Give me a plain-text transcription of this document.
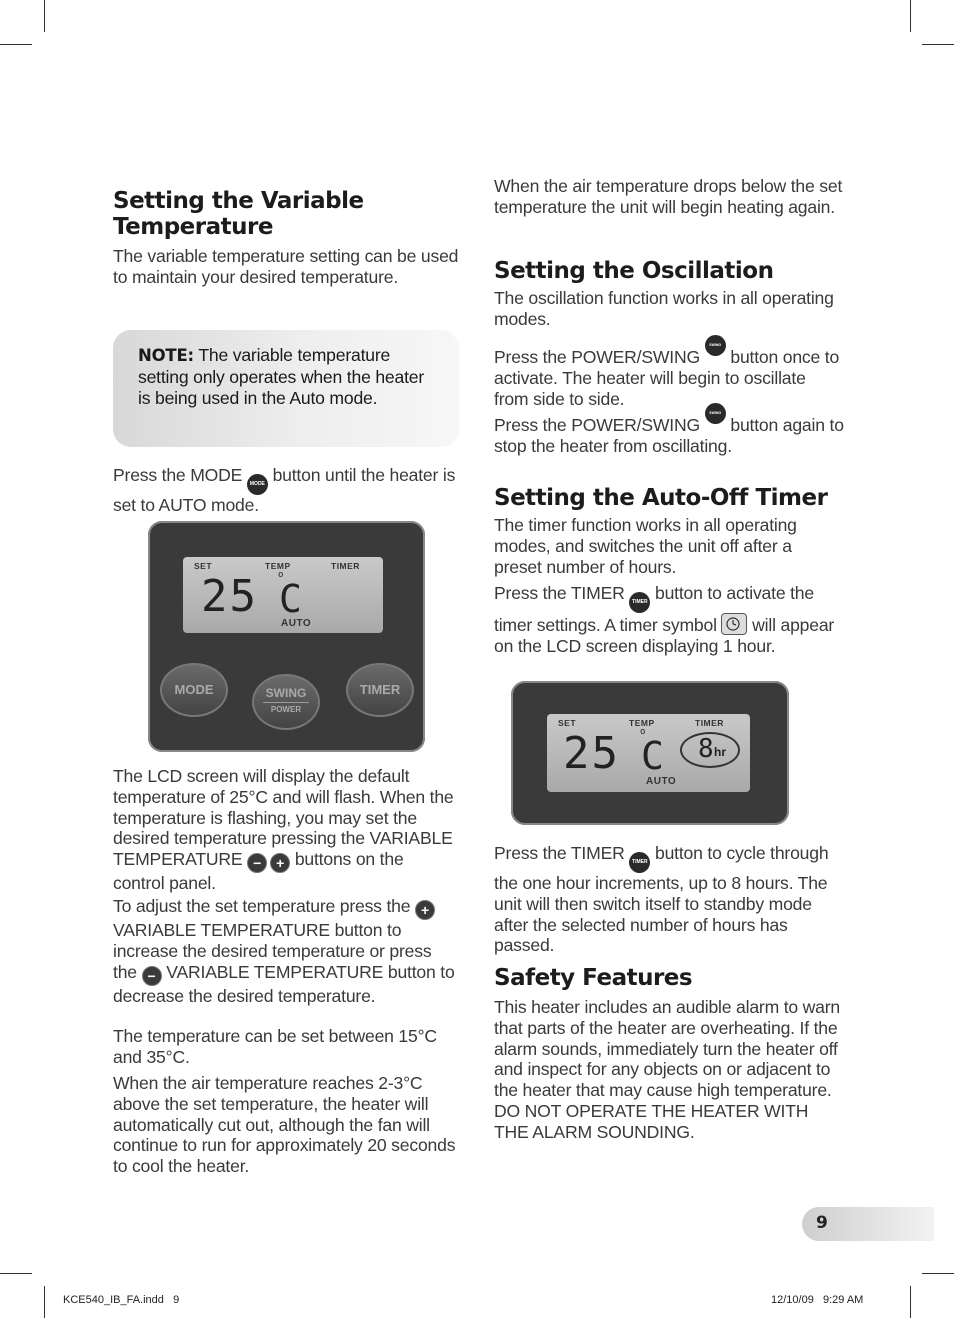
Setting the Variable Temperature

The variable temperature setting can be used to maintain your desired temperature.

NOTE: The variable temperature setting only operates when the heater is being used in the Auto mode.

Press the MODE MODE button until the heater is set to AUTO mode.

SET	TEMP	TIMER
25 o
C
AUTO
MODE	SWING
POWER
TIMER

The LCD screen will display the default temperature of 25°C and will flash. When the temperature is flashing, you may set the desired temperature pressing the VARIABLE TEMPERATURE − + buttons on the control panel.

To adjust the set temperature press the + VARIABLE TEMPERATURE button to increase the desired temperature or press the − VARIABLE TEMPERATURE button to decrease the desired temperature.

The temperature can be set between 15°C and 35°C.

When the air temperature reaches 2-3°C above the set temperature, the heater will automatically cut out, although the fan will continue to run for approximately 20 seconds to cool the heater.

When the air temperature drops below the set temperature the unit will begin heating again.

Setting the Oscillation

The oscillation function works in all operating modes.

Press the POWER/SWING SWING POWER button once to activate. The heater will begin to oscillate from side to side.

Press the POWER/SWING SWING POWER button again to stop the heater from oscillating.

Setting the Auto-Off Timer

The timer function works in all operating modes, and switches the unit off after a preset number of hours.

Press the TIMER TIMER button to activate the timer settings. A timer symbol
will appear on the LCD screen displaying 1 hour.

SET	TEMP	TIMER
25 o
C 8
hr
AUTO

Press the TIMER TIMER button to cycle through the one hour increments, up to 8 hours. The unit will then switch itself to standby mode after the selected number of hours has passed.

Safety Features

This heater includes an audible alarm to warn that parts of the heater are overheating. If the alarm sounds, immediately turn the heater off and inspect for any objects on or adjacent to the heater that may cause high temperature. DO NOT OPERATE THE HEATER WITH THE ALARM SOUNDING.

9
KCE540_IB_FA.indd   9	12/10/09   9:29 AM
